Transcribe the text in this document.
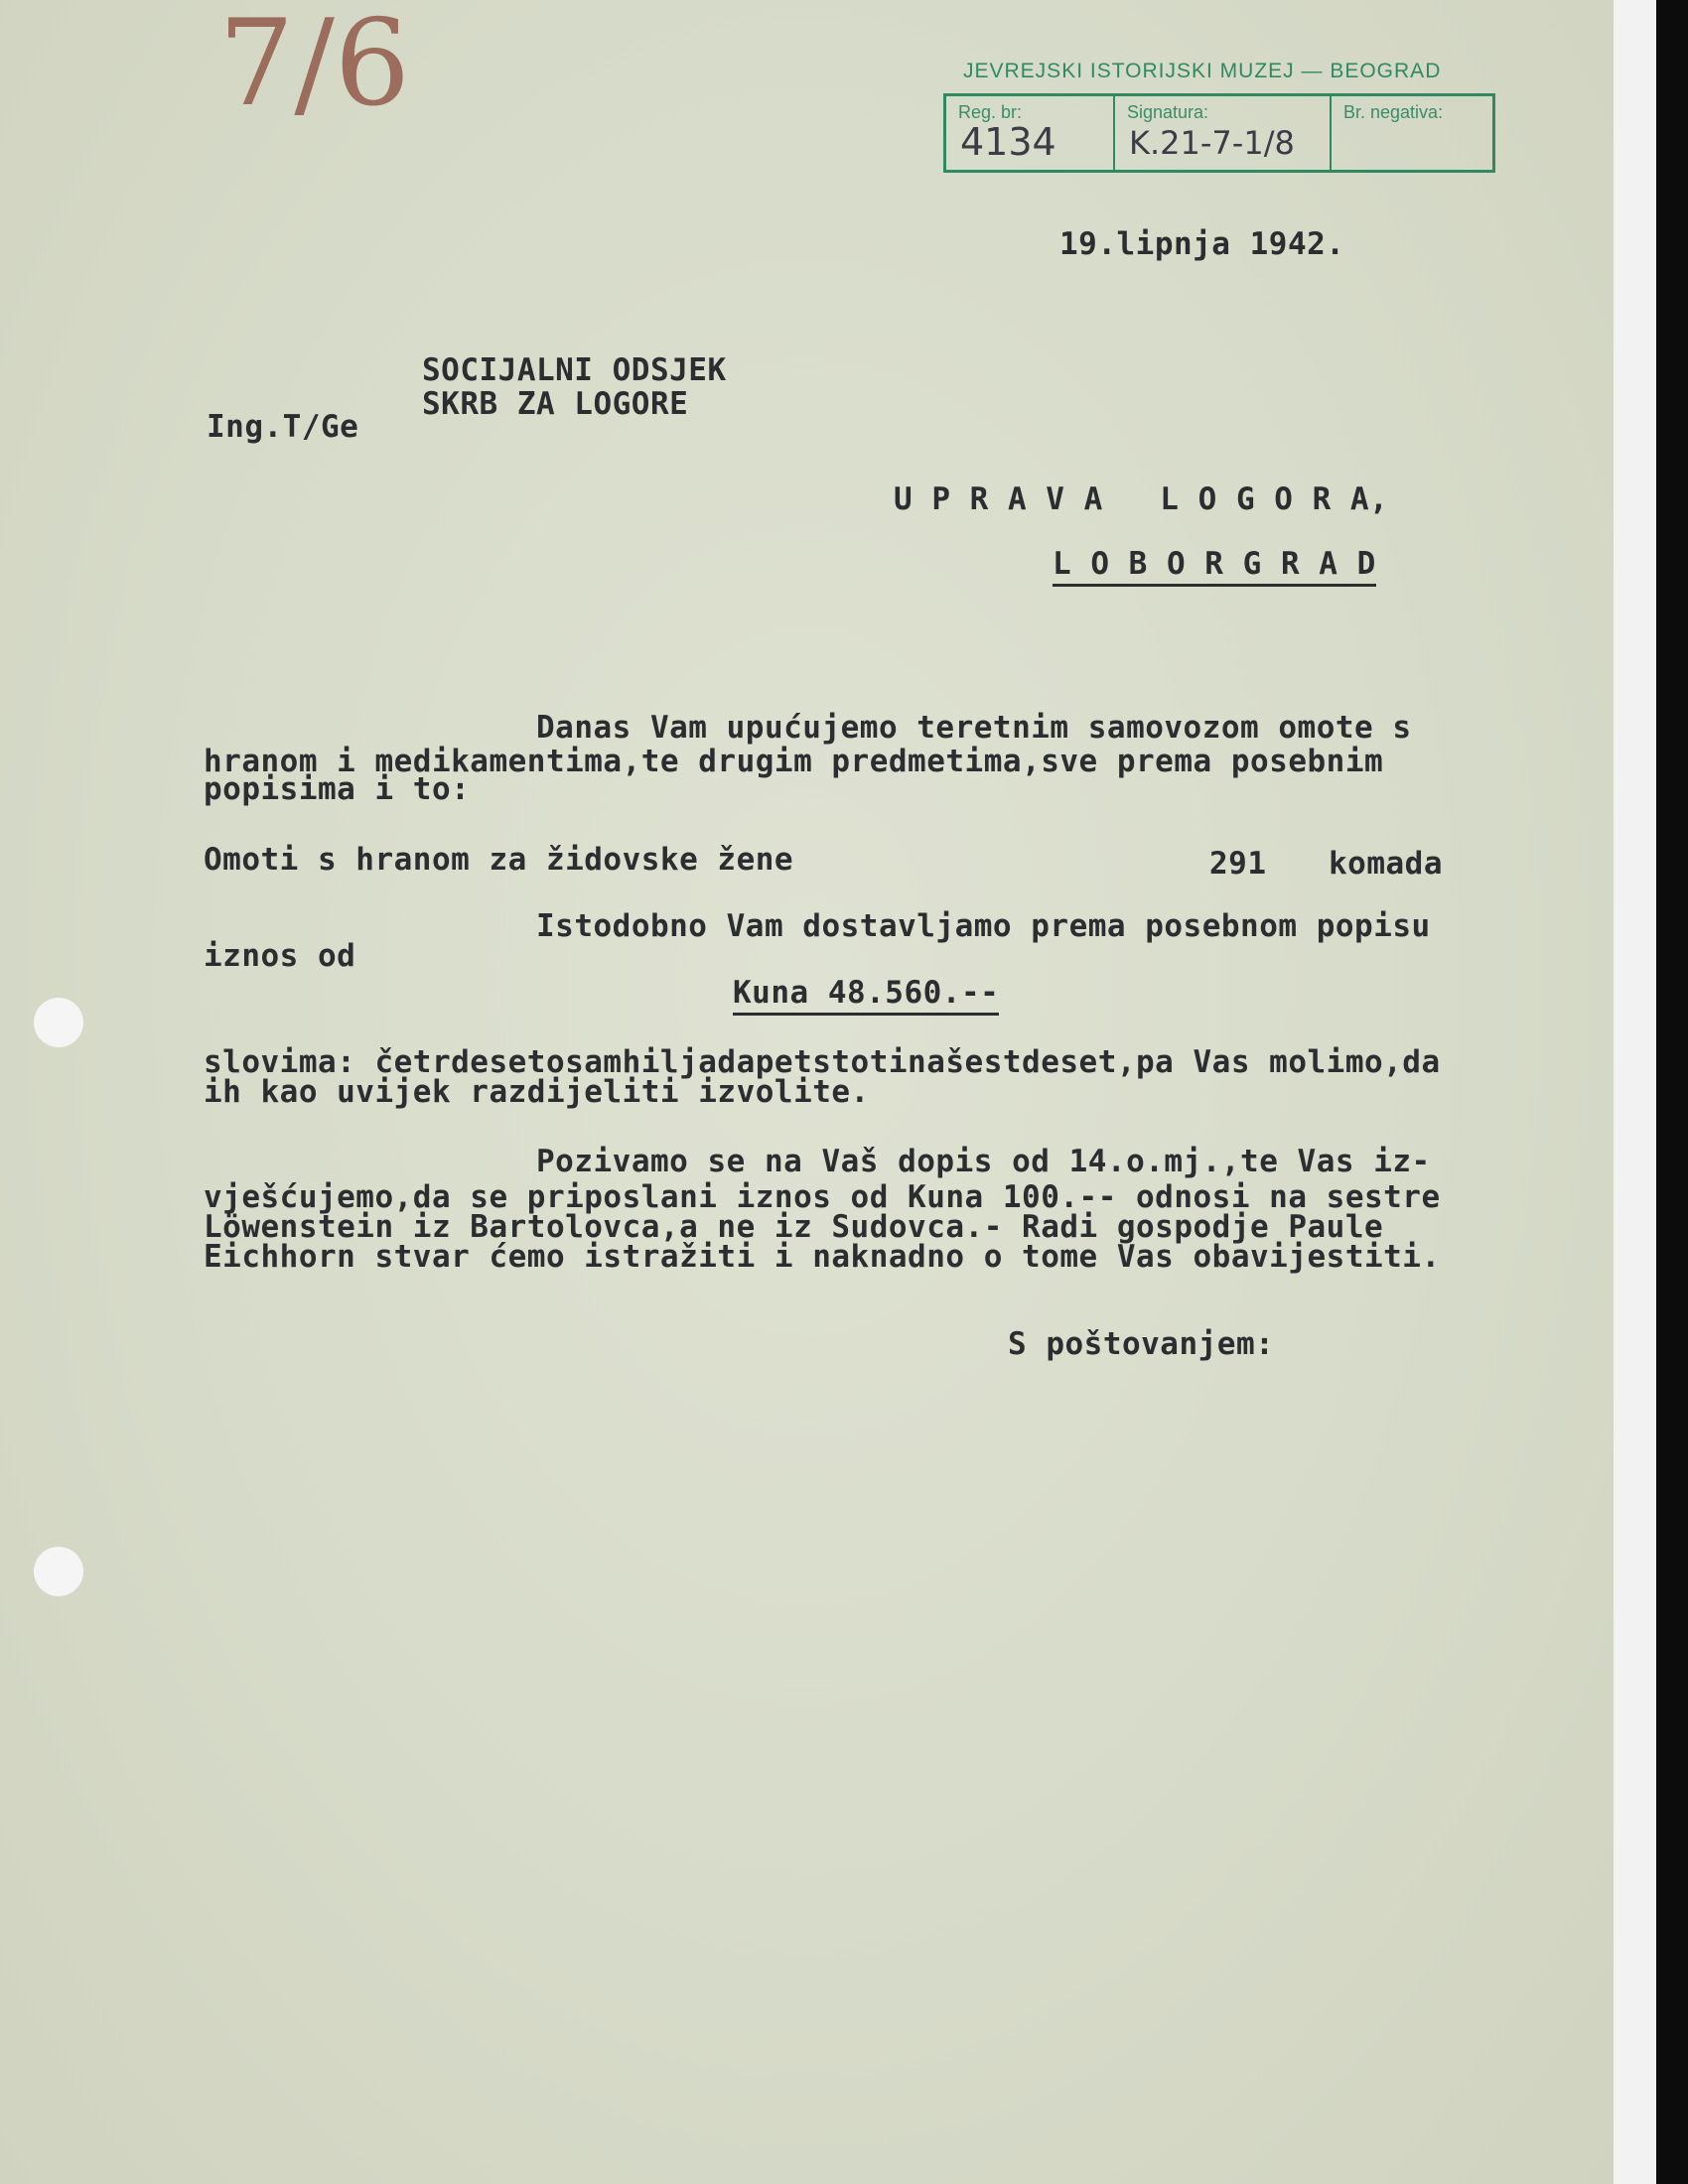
7/6	JEVREJSKI ISTORIJSKI MUZEJ — BEOGRAD
Reg. br:
4134
Signatura:
K.21-7-1/8
Br. negativa:
19.lipnja 1942.
SOCIJALNI ODSJEK
SKRB ZA LOGORE
Ing.T/Ge
U P R A V A   L O G O R A,
L O B O R G R A D
Danas Vam upućujemo teretnim samovozom omote s
hranom i medikamentima,te drugim predmetima,sve prema posebnim
popisima i to:
Omoti s hranom za židovske žene	291 komada
Istodobno Vam dostavljamo prema posebnom popisu
iznos od
Kuna 48.560.--
slovima: četrdesetosamhiljadapetstotinašestdeset,pa Vas molimo,da
ih kao uvijek razdijeliti izvolite.
Pozivamo se na Vaš dopis od 14.o.mj.,te Vas iz-
vješćujemo,da se priposlani iznos od Kuna 100.-- odnosi na sestre
Löwenstein iz Bartolovca,a ne iz Sudovca.- Radi gospodje Paule
Eichhorn stvar ćemo istražiti i naknadno o tome Vas obavijestiti.
S poštovanjem:
